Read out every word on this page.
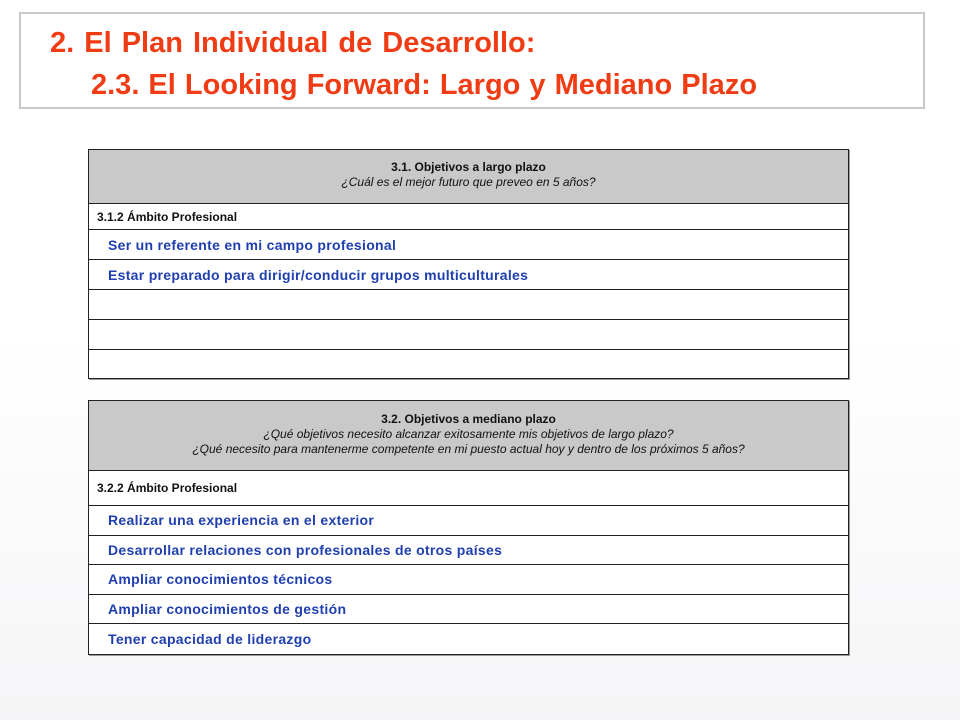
2. El Plan Individual de Desarrollo:
2.3. El Looking Forward: Largo y Mediano Plazo
3.1. Objetivos a largo plazo
¿Cuál es el mejor futuro que preveo en 5 años?
3.1.2 Ámbito Profesional
Ser un referente en mi campo profesional
Estar preparado para dirigir/conducir grupos multiculturales
3.2. Objetivos a mediano plazo
¿Qué objetivos necesito alcanzar exitosamente mis objetivos de largo plazo?
¿Qué necesito para mantenerme competente en mi puesto actual hoy y dentro de los próximos 5 años?
3.2.2 Ámbito Profesional
Realizar una experiencia en el exterior
Desarrollar relaciones con profesionales de otros países
Ampliar conocimientos técnicos
Ampliar conocimientos de gestión
Tener capacidad de liderazgo
